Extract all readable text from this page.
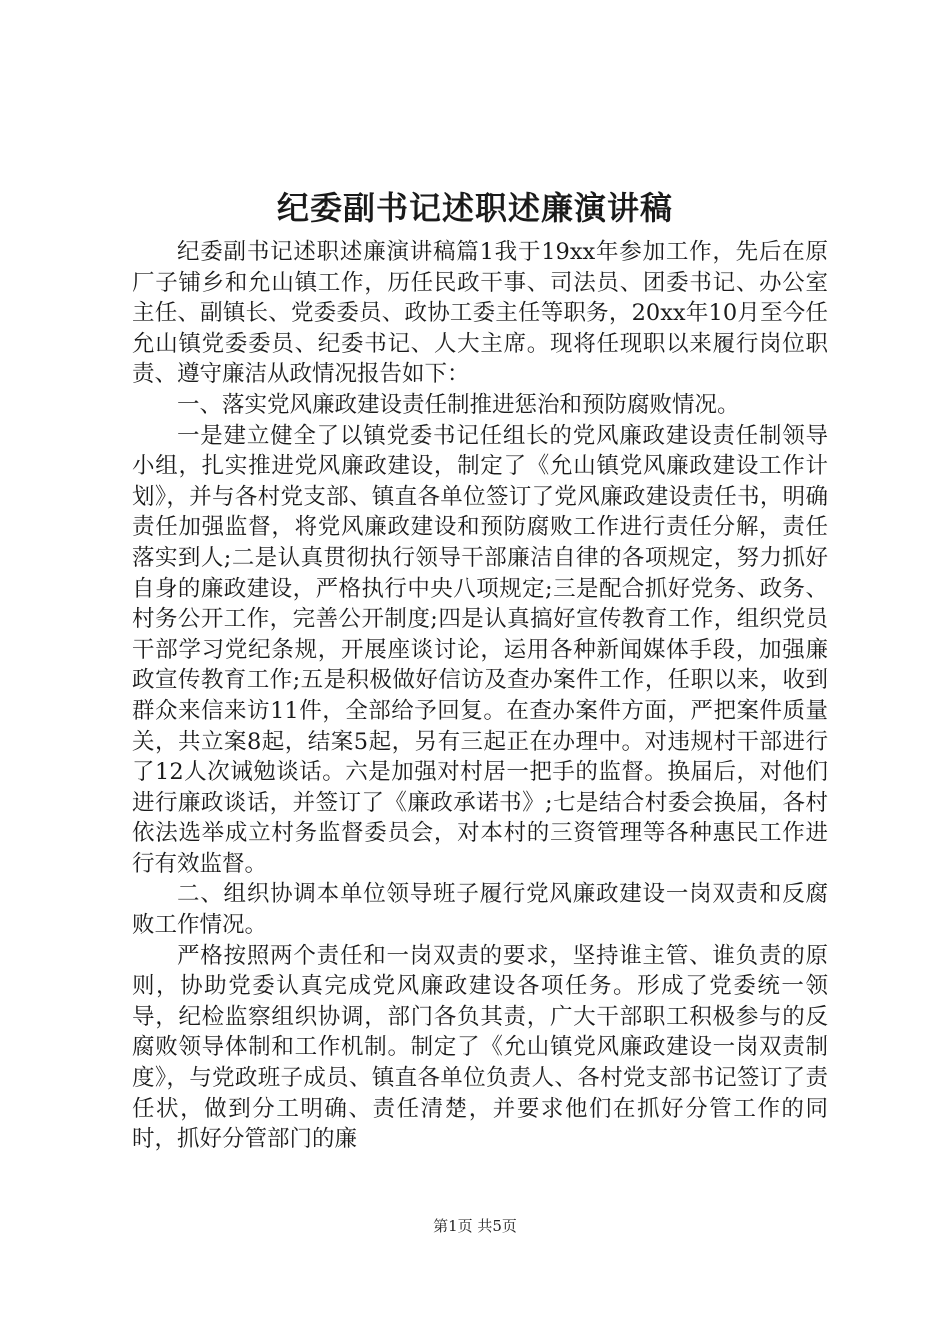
纪委副书记述职述廉演讲稿

纪委副书记述职述廉演讲稿篇1我于19xx年参加工作，先后在原厂子铺乡和允山镇工作，历任民政干事、司法员、团委书记、办公室主任、副镇长、党委委员、政协工委主任等职务，20xx年10月至今任允山镇党委委员、纪委书记、人大主席。现将任现职以来履行岗位职责、遵守廉洁从政情况报告如下：

一、落实党风廉政建设责任制推进惩治和预防腐败情况。

一是建立健全了以镇党委书记任组长的党风廉政建设责任制领导小组，扎实推进党风廉政建设，制定了《允山镇党风廉政建设工作计划》，并与各村党支部、镇直各单位签订了党风廉政建设责任书，明确责任加强监督，将党风廉政建设和预防腐败工作进行责任分解，责任落实到人;二是认真贯彻执行领导干部廉洁自律的各项规定，努力抓好自身的廉政建设，严格执行中央八项规定;三是配合抓好党务、政务、村务公开工作，完善公开制度;四是认真搞好宣传教育工作，组织党员干部学习党纪条规，开展座谈讨论，运用各种新闻媒体手段，加强廉政宣传教育工作;五是积极做好信访及查办案件工作，任职以来，收到群众来信来访11件，全部给予回复。在查办案件方面，严把案件质量关，共立案8起，结案5起，另有三起正在办理中。对违规村干部进行了12人次诫勉谈话。六是加强对村居一把手的监督。换届后，对他们进行廉政谈话，并签订了《廉政承诺书》;七是结合村委会换届，各村依法选举成立村务监督委员会，对本村的三资管理等各种惠民工作进行有效监督。

二、组织协调本单位领导班子履行党风廉政建设一岗双责和反腐败工作情况。

严格按照两个责任和一岗双责的要求，坚持谁主管、谁负责的原则，协助党委认真完成党风廉政建设各项任务。形成了党委统一领导，纪检监察组织协调，部门各负其责，广大干部职工积极参与的反腐败领导体制和工作机制。制定了《允山镇党风廉政建设一岗双责制度》，与党政班子成员、镇直各单位负责人、各村党支部书记签订了责任状，做到分工明确、责任清楚，并要求他们在抓好分管工作的同时，抓好分管部门的廉

第1页 共5页
